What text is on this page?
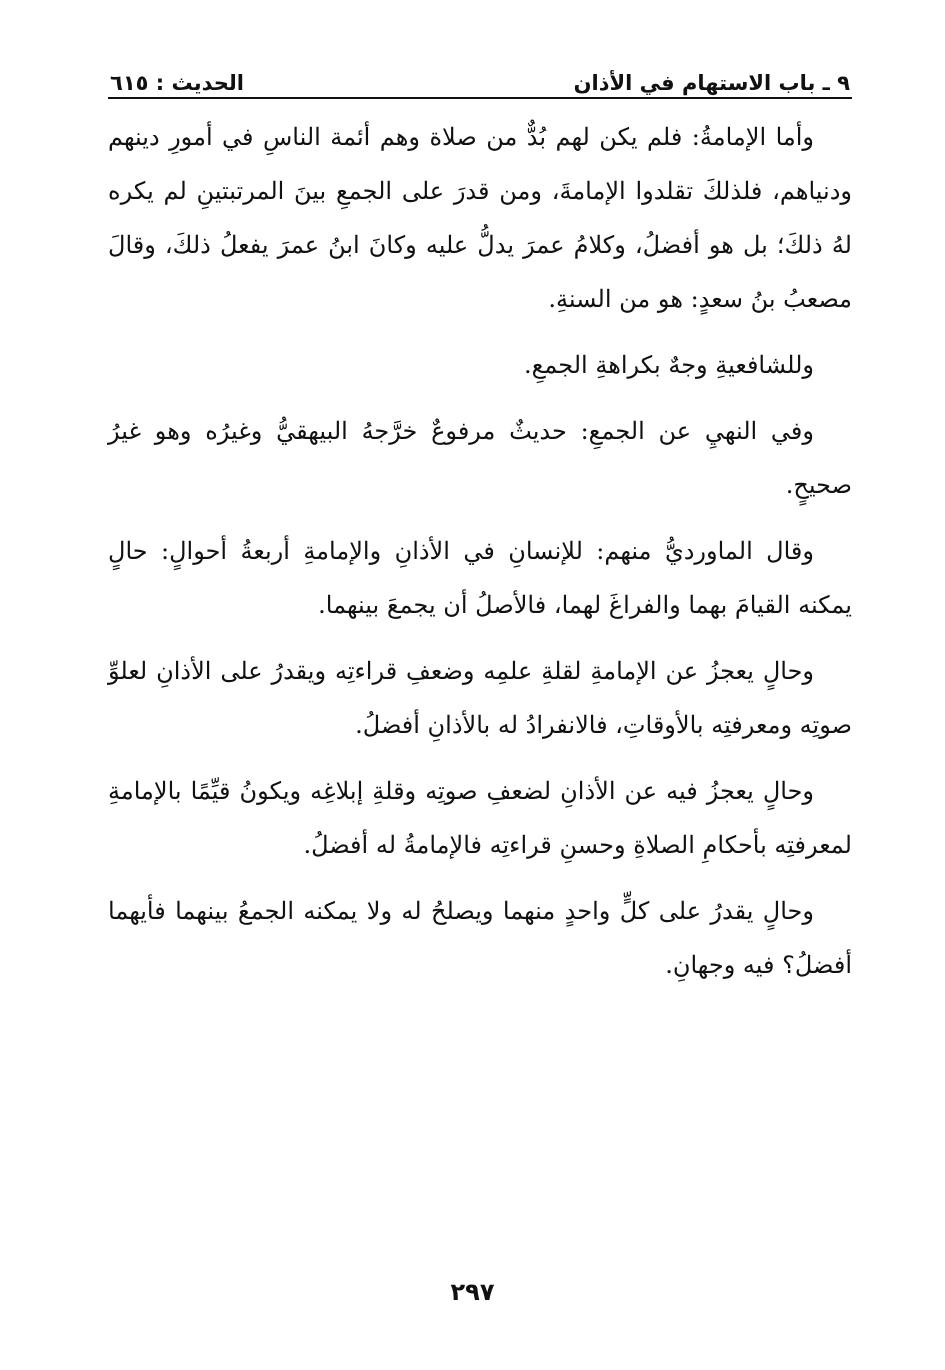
٩ ـ باب الاستهام في الأذان
الحديث : ٦١٥

وأما الإمامةُ: فلم يكن لهم بُدٌّ من صلاة وهم أئمة الناسِ في أمورِ دينهم ودنياهم، فلذلكَ تقلدوا الإمامةَ، ومن قدرَ على الجمعِ بينَ المرتبتينِ لم يكره لهُ ذلكَ؛ بل هو أفضلُ، وكلامُ عمرَ يدلُّ عليه وكانَ ابنُ عمرَ يفعلُ ذلكَ، وقالَ مصعبُ بنُ سعدٍ: هو من السنةِ.

وللشافعيةِ وجهٌ بكراهةِ الجمعِ.

وفي النهيِ عن الجمعِ: حديثٌ مرفوعٌ خرَّجهُ البيهقيُّ وغيرُه وهو غيرُ صحيحٍ.

وقال الماورديُّ منهم: للإنسانِ في الأذانِ والإمامةِ أربعةُ أحوالٍ: حالٍ يمكنه القيامَ بهما والفراغَ لهما، فالأصلُ أن يجمعَ بينهما.

وحالٍ يعجزُ عن الإمامةِ لقلةِ علمِه وضعفِ قراءتِه ويقدرُ على الأذانِ لعلوِّ صوتِه ومعرفتِه بالأوقاتِ، فالانفرادُ له بالأذانِ أفضلُ.

وحالٍ يعجزُ فيه عن الأذانِ لضعفِ صوتِه وقلةِ إبلاغِه ويكونُ قيِّمًا بالإمامةِ لمعرفتِه بأحكامِ الصلاةِ وحسنِ قراءتِه فالإمامةُ له أفضلُ.

وحالٍ يقدرُ على كلٍّ واحدٍ منهما ويصلحُ له ولا يمكنه الجمعُ بينهما فأيهما أفضلُ؟ فيه وجهانِ.

٢٩٧
